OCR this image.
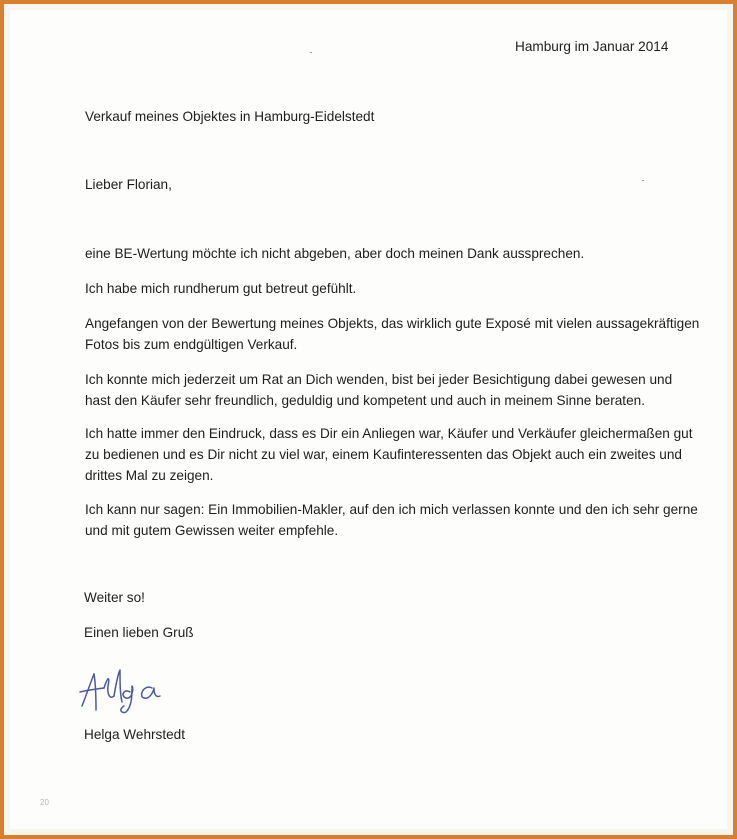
Hamburg im Januar 2014

Verkauf meines Objektes in Hamburg-Eidelstedt

Lieber Florian,

eine BE-Wertung möchte ich nicht abgeben, aber doch meinen Dank aussprechen.

Ich habe mich rundherum gut betreut gefühlt.

Angefangen von der Bewertung meines Objekts, das wirklich gute Exposé mit vielen aussagekräftigen
Fotos bis zum endgültigen Verkauf.

Ich konnte mich jederzeit um Rat an Dich wenden, bist bei jeder Besichtigung dabei gewesen und
hast den Käufer sehr freundlich, geduldig und kompetent und auch in meinem Sinne beraten.

Ich hatte immer den Eindruck, dass es Dir ein Anliegen war, Käufer und Verkäufer gleichermaßen gut
zu bedienen und es Dir nicht zu viel war, einem Kaufinteressenten das Objekt auch ein zweites und
drittes Mal zu zeigen.

Ich kann nur sagen: Ein Immobilien-Makler, auf den ich mich verlassen konnte und den ich sehr gerne
und mit gutem Gewissen weiter empfehle.

Weiter so!

Einen lieben Gruß

Helga Wehrstedt

20
